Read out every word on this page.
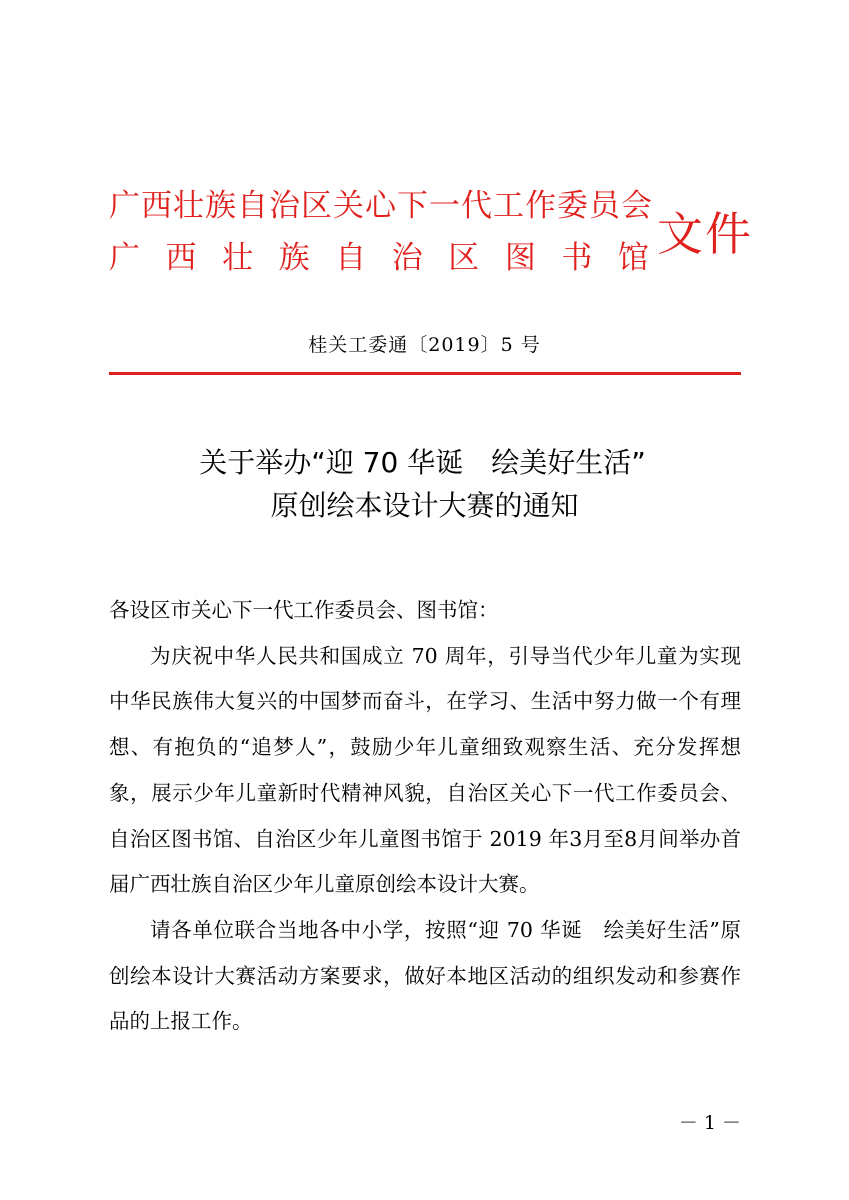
广西壮族自治区关心下一代工作委员会
广 西 壮 族 自 治 区 图 书 馆 文件
桂关工委通〔2019〕5 号
关于举办“迎 70 华诞　绘美好生活”
原创绘本设计大赛的通知

各设区市关心下一代工作委员会、图书馆：

为庆祝中华人民共和国成立 70 周年，引导当代少年儿童为实现中华民族伟大复兴的中国梦而奋斗，在学习、生活中努力做一个有理想、有抱负的“追梦人”，鼓励少年儿童细致观察生活、充分发挥想象，展示少年儿童新时代精神风貌，自治区关心下一代工作委员会、自治区图书馆、自治区少年儿童图书馆于 2019 年3月至8月间举办首届广西壮族自治区少年儿童原创绘本设计大赛。

请各单位联合当地各中小学，按照“迎 70 华诞　绘美好生活”原创绘本设计大赛活动方案要求，做好本地区活动的组织发动和参赛作品的上报工作。

－ 1 －
